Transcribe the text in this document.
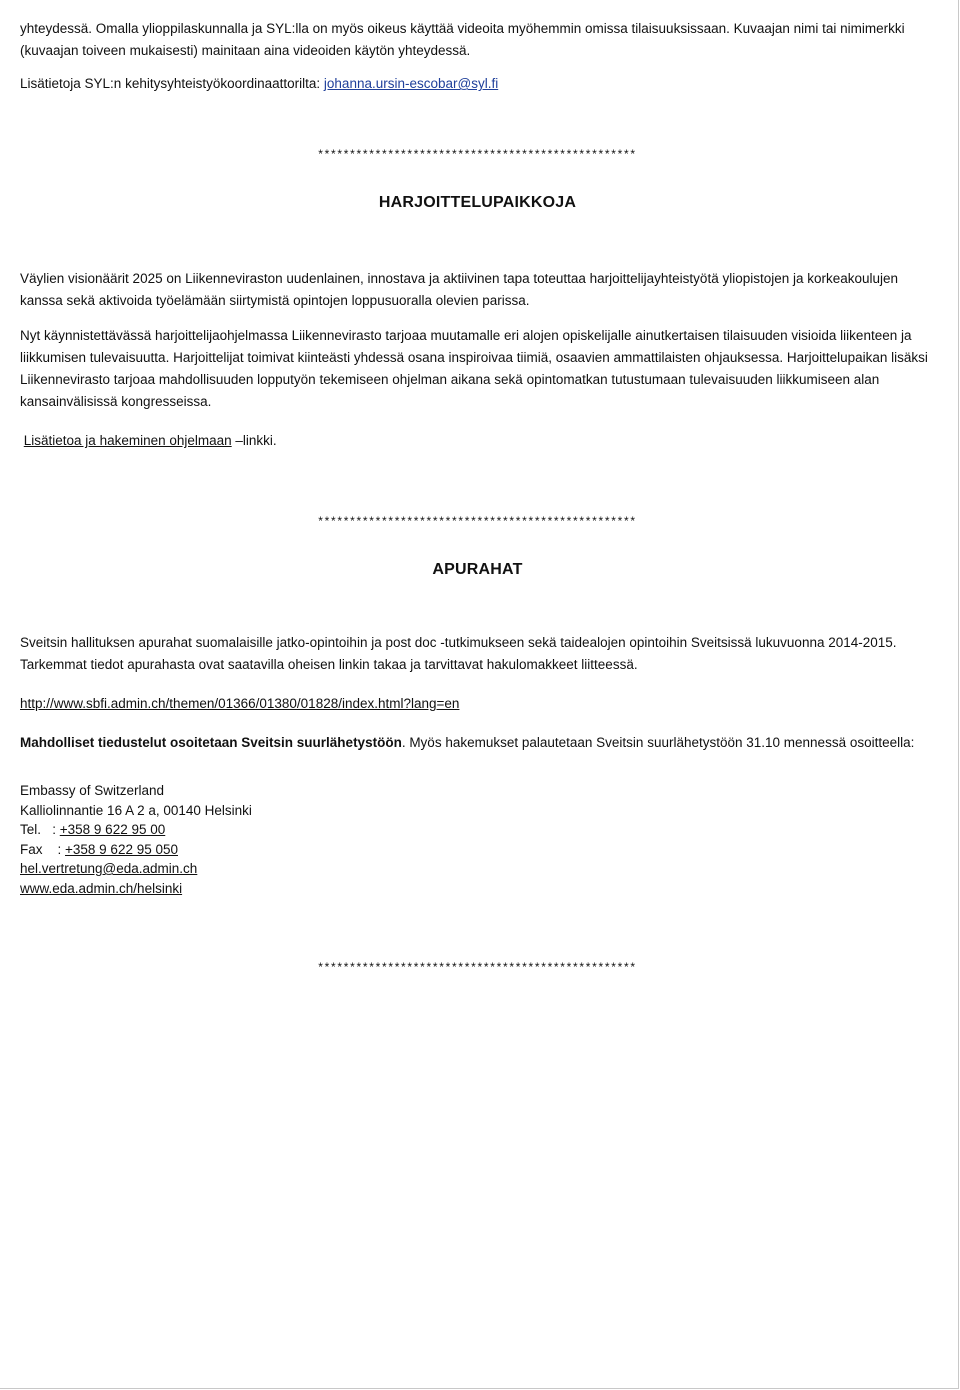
yhteydessä. Omalla ylioppilaskunnalla ja SYL:lla on myös oikeus käyttää videoita myöhemmin omissa tilaisuuksissaan. Kuvaajan nimi tai nimimerkki (kuvaajan toiveen mukaisesti) mainitaan aina videoiden käytön yhteydessä.

Lisätietoja SYL:n kehitysyhteistyökoordinaattorilta: johanna.ursin-escobar@syl.fi

**************************************************

HARJOITTELUPAIKKOJA

Väylien visionäärit 2025 on Liikenneviraston uudenlainen, innostava ja aktiivinen tapa toteuttaa harjoittelijayhteistyötä yliopistojen ja korkeakoulujen kanssa sekä aktivoida työelämään siirtymistä opintojen loppusuoralla olevien parissa.

Nyt käynnistettävässä harjoittelijaohjelmassa Liikennevirasto tarjoaa muutamalle eri alojen opiskelijalle ainutkertaisen tilaisuuden visioida liikenteen ja liikkumisen tulevaisuutta. Harjoittelijat toimivat kiinteästi yhdessä osana inspiroivaa tiimiä, osaavien ammattilaisten ohjauksessa. Harjoittelupaikan lisäksi Liikennevirasto tarjoaa mahdollisuuden lopputyön tekemiseen ohjelman aikana sekä opintomatkan tutustumaan tulevaisuuden liikkumiseen alan kansainvälisissä kongresseissa.

Lisätietoa ja hakeminen ohjelmaan –linkki.

**************************************************

APURAHAT

Sveitsin hallituksen apurahat suomalaisille jatko-opintoihin ja post doc -tutkimukseen sekä taidealojen opintoihin Sveitsissä lukuvuonna 2014-2015.

Tarkemmat tiedot apurahasta ovat saatavilla oheisen linkin takaa ja tarvittavat hakulomakkeet liitteessä.

http://www.sbfi.admin.ch/themen/01366/01380/01828/index.html?lang=en

Mahdolliset tiedustelut osoitetaan Sveitsin suurlähetystöön. Myös hakemukset palautetaan Sveitsin suurlähetystöön 31.10 mennessä osoitteella:

Embassy of Switzerland

Kalliolinnantie 16 A 2 a, 00140 Helsinki

Tel.   : +358 9 622 95 00

Fax    : +358 9 622 95 050

hel.vertretung@eda.admin.ch

www.eda.admin.ch/helsinki

**************************************************
